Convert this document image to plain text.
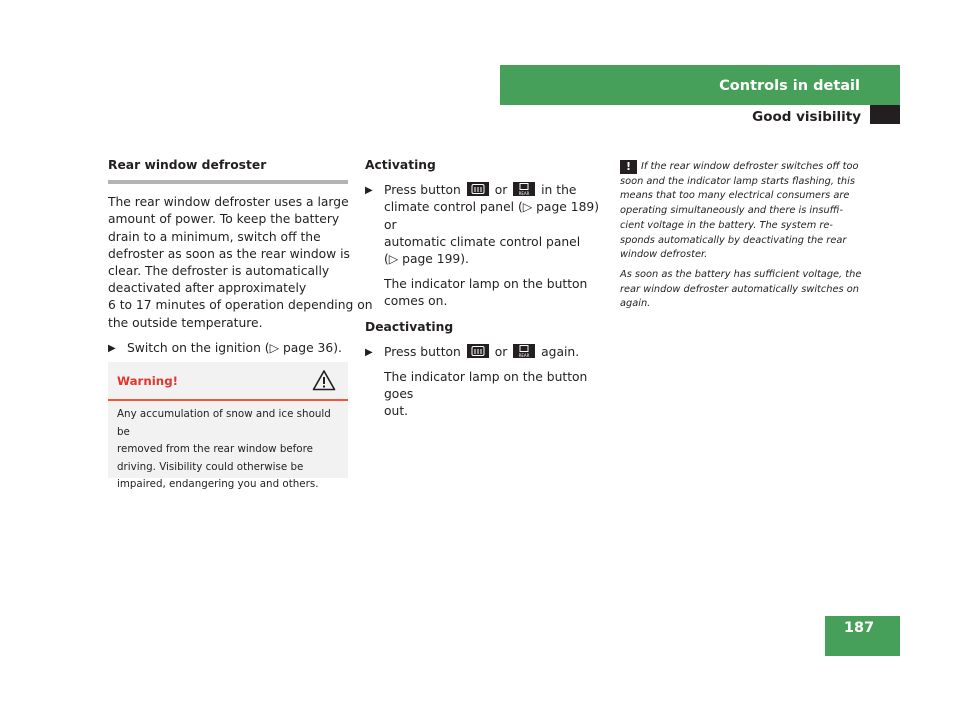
Controls in detail
Good visibility

Rear window defroster

The rear window defroster uses a large

amount of power. To keep the battery

drain to a minimum, switch off the

defroster as soon as the rear window is

clear. The defroster is automatically

deactivated after approximately

6 to 17 minutes of operation depending on

the outside temperature.

▶ Switch on the ignition (▷ page 36).

Warning!
Any accumulation of snow and ice should be
removed from the rear window before
driving. Visibility could otherwise be
impaired, endangering you and others.

Activating

▶ Press button	or	REAR in the

climate control panel (▷ page 189) or

automatic climate control panel

(▷ page 199).

The indicator lamp on the button

comes on.

Deactivating

▶ Press button	or	REAR again.

The indicator lamp on the button goes

out.

! If the rear window defroster switches off too soon and the indicator lamp starts flashing, this means that too many electrical consumers are operating simultaneously and there is insuffi-cient voltage in the battery. The system re-sponds automatically by deactivating the rear window defroster.

As soon as the battery has sufficient voltage, the rear window defroster automatically switches on again.

187
